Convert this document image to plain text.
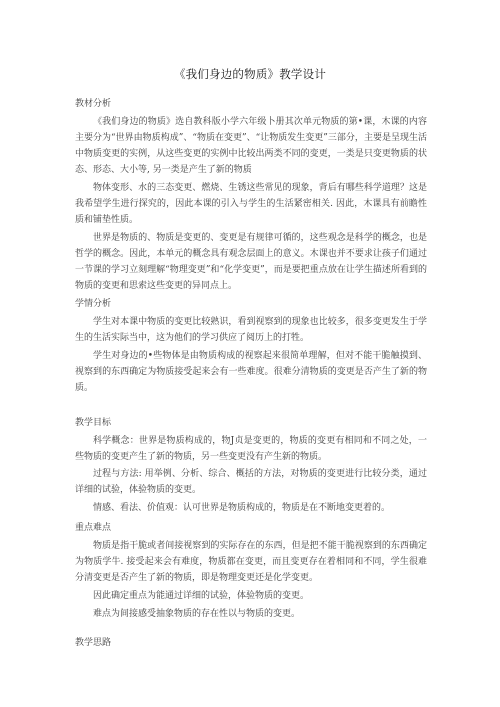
《我们身边的物质》教学设计
教材分析

《我们身边的物质》选自教科版小学六年级卜册其次单元物质的第•课，木课的内容主要分为“世界由物质构成”、“物质在变更”、“让物质发生变更”三部分，主要是呈现生活中物质变更的实例，从这些变更的实例中比较出两类不同的变更，一类是只变更物质的状态、形态、大小等, 另一类是产生了新的物质

物体变形、水的三态变更、燃烧、生锈这些常见的现象，背后有哪些科学道理？这是我希望学生进行探究的，因此本课的引入与学生的生活紧密相关. 因此，木课具有前瞻性质和铺垫性质。

世界是物质的、物质是变更的、变更是有规律可循的，这些观念是科学的概念，也是哲学的概念。因此，本单元的概念具有观念层面上的意义。木课也并不要求让孩子们通过一节课的学习立刻理解“物理变更”和“化学变更”，而是要把重点放在让学生描述所看到的物质的变更和思索这些变更的异同点上。

学情分析

学生对本课中物质的变更比较熟识，看到视察到的现象也比较多，很多变更发生于学生的生活实际当中，这为他们的学习供应了阅历上的打牲。

学生对身边的•些物体是由物质构成的视察起来很简单理解，但对不能干脆触摸到、视察到的东西确定为物质接受起来会有一些难度。很难分清物质的变更是否产生了新的物质。

教学目标

科学概念：世界是物质构成的，物J贞是变更的，物质的变更有相同和不同之处，一些物质的变更产生了新的物质，另一些变更没有产生新的物质。

过程与方法: 用举例、分析、综合、概括的方法，对物质的变更进行比较分类，通过详细的试验，体验物质的变更。

情感、看法、价值观：认可世界是物质构成的，物质是在不断地变更着的。

重点难点

物质是指干脆或者间接视察到的实际存在的东西，但是把不能干脆视察到的东西确定为物质学牛. 接受起来会有难度，物质都在变更，而且变更存在着相同和不同，学生很难分清变更是否产生了新的物质，即是物理变更还是化学变更。

因此确定重点为能通过详细的试验，体验物质的变更。

难点为间接感受抽象物质的存在性以与物质的变更。

教学思路
